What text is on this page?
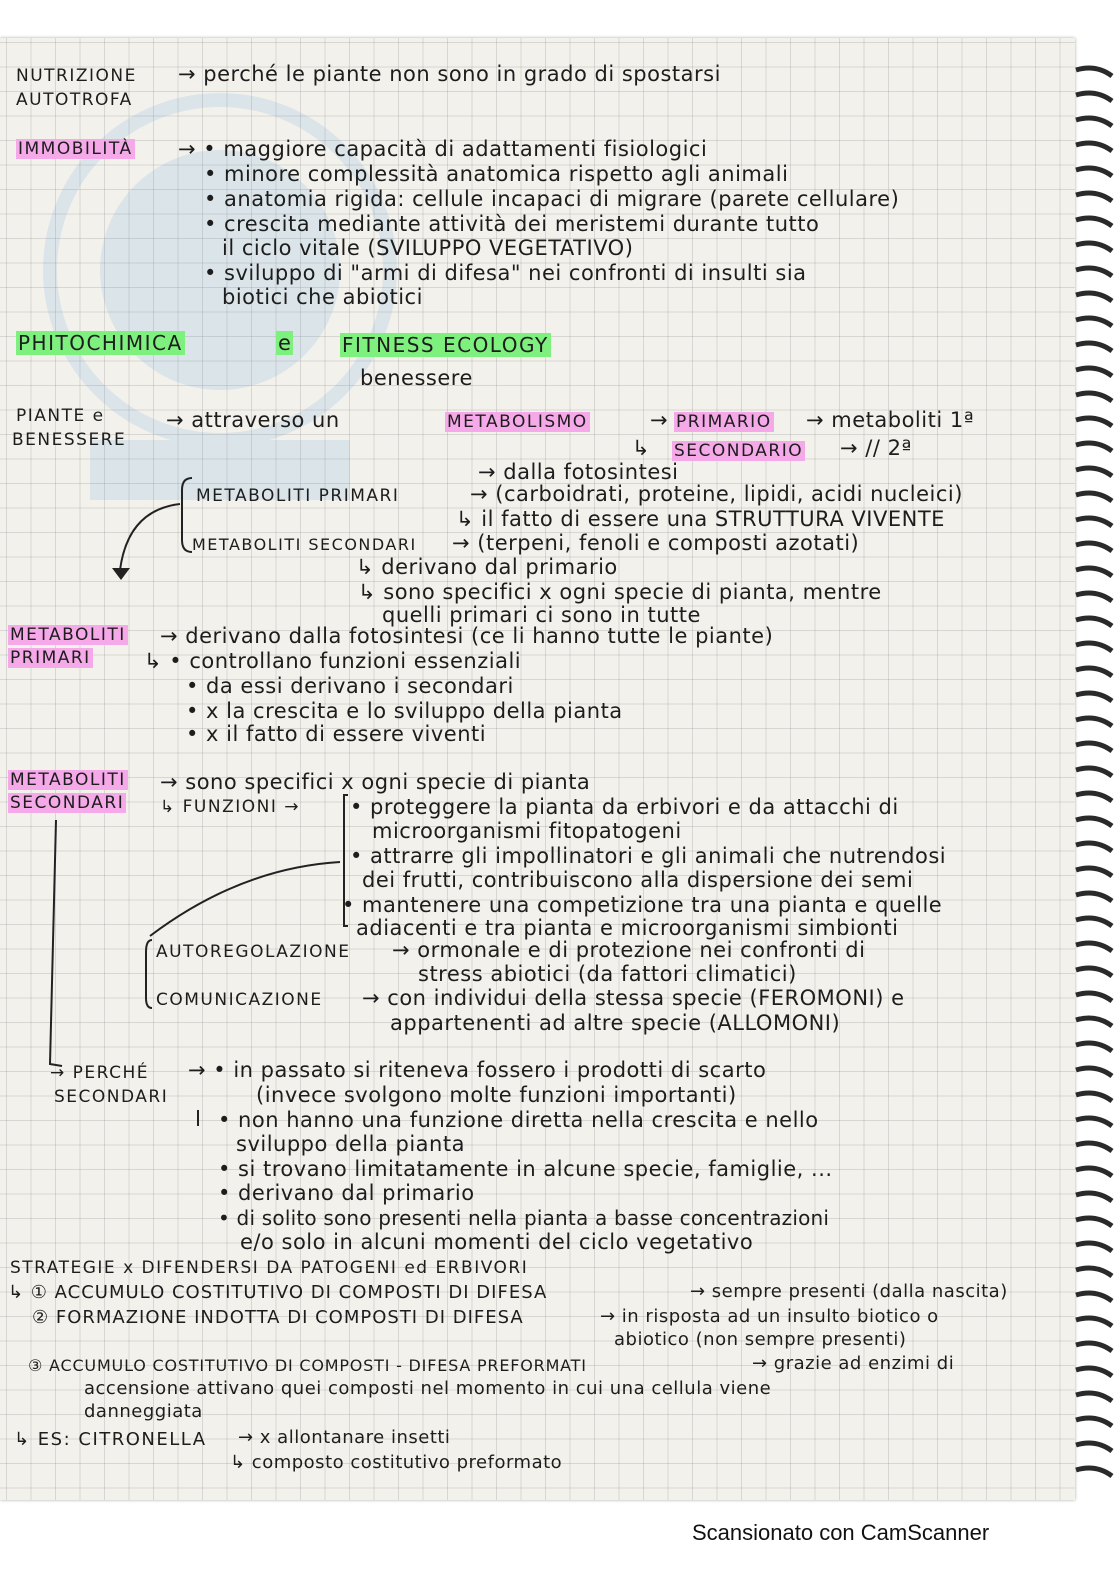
NUTRIZIONE → perché le piante non sono in grado di spostarsi
AUTOTROFA
IMMOBILITÀ → • maggiore capacità di adattamenti fisiologici
• minore complessità anatomica rispetto agli animali
• anatomia rigida: cellule incapaci di migrare (parete cellulare)
• crescita mediante attività dei meristemi durante tutto
il ciclo vitale (SVILUPPO VEGETATIVO)
• sviluppo di "armi di difesa" nei confronti di insulti sia
biotici che abiotici
PHITOCHIMICA	e	FITNESS ECOLOGY
benessere
PIANTE e
BENESSERE
→ attraverso un	METABOLISMO	→ PRIMARIO → metaboliti 1ª
↳ SECONDARIO → // 2ª
→ dalla fotosintesi
METABOLITI PRIMARI	→ (carboidrati, proteine, lipidi, acidi nucleici)
↳ il fatto di essere una STRUTTURA VIVENTE
METABOLITI SECONDARI → (terpeni, fenoli e composti azotati)
↳ derivano dal primario
↳ sono specifici x ogni specie di pianta, mentre
quelli primari ci sono in tutte
METABOLITI
PRIMARI
→ derivano dalla fotosintesi (ce li hanno tutte le piante)
↳ • controllano funzioni essenziali
• da essi derivano i secondari
• x la crescita e lo sviluppo della pianta
• x il fatto di essere viventi
METABOLITI
SECONDARI
→ sono specifici x ogni specie di pianta
↳ FUNZIONI → • proteggere la pianta da erbivori e da attacchi di
microorganismi fitopatogeni
• attrarre gli impollinatori e gli animali che nutrendosi
dei frutti, contribuiscono alla dispersione dei semi
• mantenere una competizione tra una pianta e quelle
adiacenti e tra pianta e microorganismi simbionti
AUTOREGOLAZIONE → ormonale e di protezione nei confronti di
stress abiotici (da fattori climatici)
COMUNICAZIONE → con individui della stessa specie (FEROMONI) e
appartenenti ad altre specie (ALLOMONI)
→ PERCHÉ
SECONDARI
→ • in passato si riteneva fossero i prodotti di scarto
(invece svolgono molte funzioni importanti)
• non hanno una funzione diretta nella crescita e nello
sviluppo della pianta
• si trovano limitatamente in alcune specie, famiglie, ...
• derivano dal primario
• di solito sono presenti nella pianta a basse concentrazioni
e/o solo in alcuni momenti del ciclo vegetativo
STRATEGIE x DIFENDERSI DA PATOGENI ed ERBIVORI
↳ ① ACCUMULO COSTITUTIVO DI COMPOSTI DI DIFESA	→ sempre presenti (dalla nascita)
② FORMAZIONE INDOTTA DI COMPOSTI DI DIFESA	→ in risposta ad un insulto biotico o
abiotico (non sempre presenti)
③ ACCUMULO COSTITUTIVO DI COMPOSTI - DIFESA PREFORMATI	→ grazie ad enzimi di
accensione attivano quei composti nel momento in cui una cellula viene
danneggiata
↳ ES: CITRONELLA → x allontanare insetti
↳ composto costitutivo preformato
Scansionato con CamScanner
